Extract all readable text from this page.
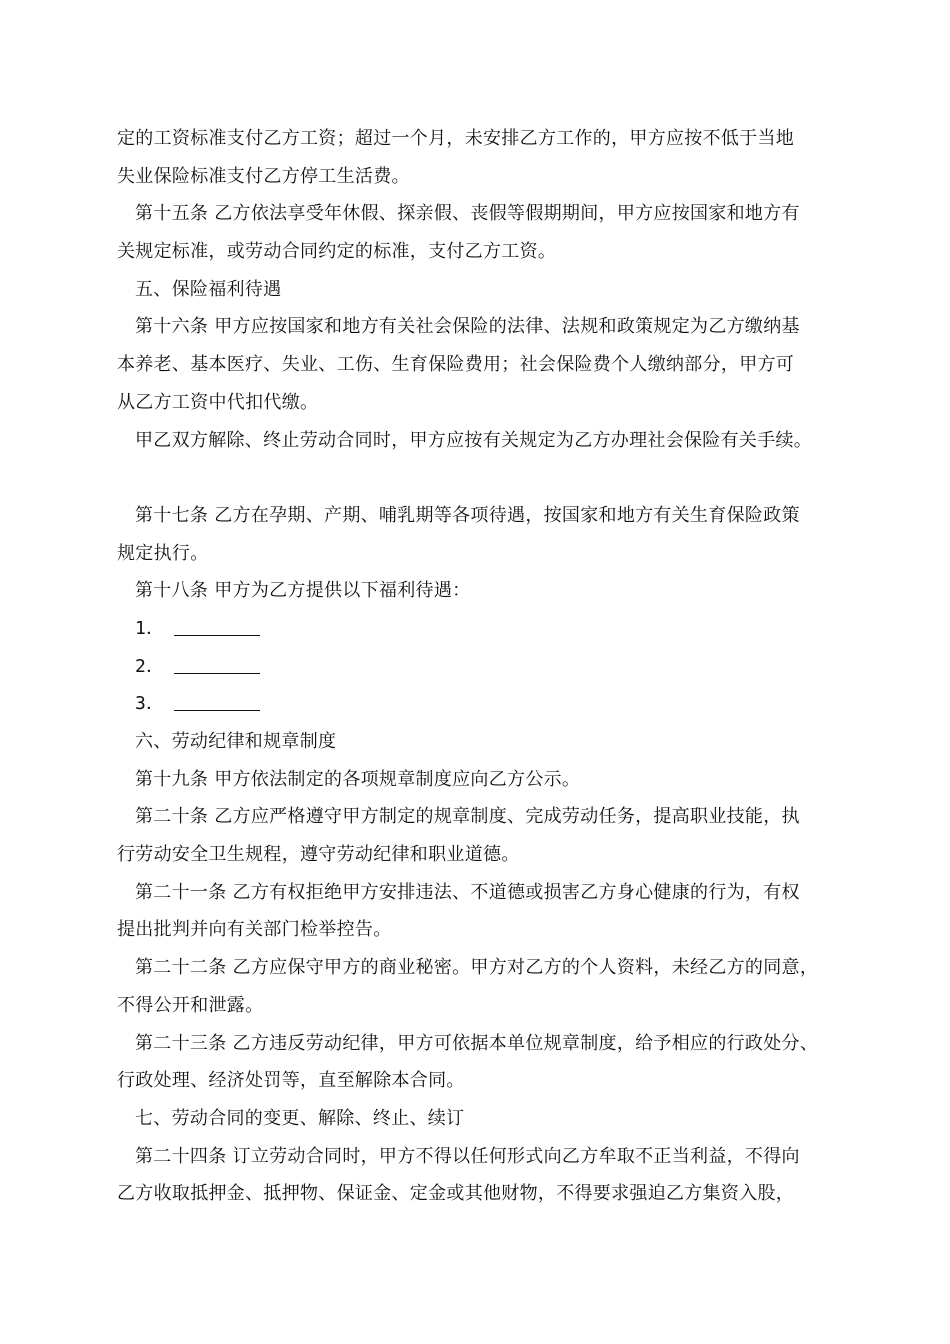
定的工资标准支付乙方工资；超过一个月，未安排乙方工作的，甲方应按不低于当地
失业保险标准支付乙方停工生活费。
第十五条 乙方依法享受年休假、探亲假、丧假等假期期间，甲方应按国家和地方有
关规定标准，或劳动合同约定的标准，支付乙方工资。
五、保险福利待遇
第十六条 甲方应按国家和地方有关社会保险的法律、法规和政策规定为乙方缴纳基
本养老、基本医疗、失业、工伤、生育保险费用；社会保险费个人缴纳部分，甲方可
从乙方工资中代扣代缴。
甲乙双方解除、终止劳动合同时，甲方应按有关规定为乙方办理社会保险有关手续。
第十七条 乙方在孕期、产期、哺乳期等各项待遇，按国家和地方有关生育保险政策
规定执行。
第十八条 甲方为乙方提供以下福利待遇：
1．
2．
3．
六、劳动纪律和规章制度
第十九条 甲方依法制定的各项规章制度应向乙方公示。
第二十条 乙方应严格遵守甲方制定的规章制度、完成劳动任务，提高职业技能，执
行劳动安全卫生规程，遵守劳动纪律和职业道德。
第二十一条 乙方有权拒绝甲方安排违法、不道德或损害乙方身心健康的行为，有权
提出批判并向有关部门检举控告。
第二十二条 乙方应保守甲方的商业秘密。甲方对乙方的个人资料，未经乙方的同意，
不得公开和泄露。
第二十三条 乙方违反劳动纪律，甲方可依据本单位规章制度，给予相应的行政处分、
行政处理、经济处罚等，直至解除本合同。
七、劳动合同的变更、解除、终止、续订
第二十四条 订立劳动合同时，甲方不得以任何形式向乙方牟取不正当利益，不得向
乙方收取抵押金、抵押物、保证金、定金或其他财物，不得要求强迫乙方集资入股，
